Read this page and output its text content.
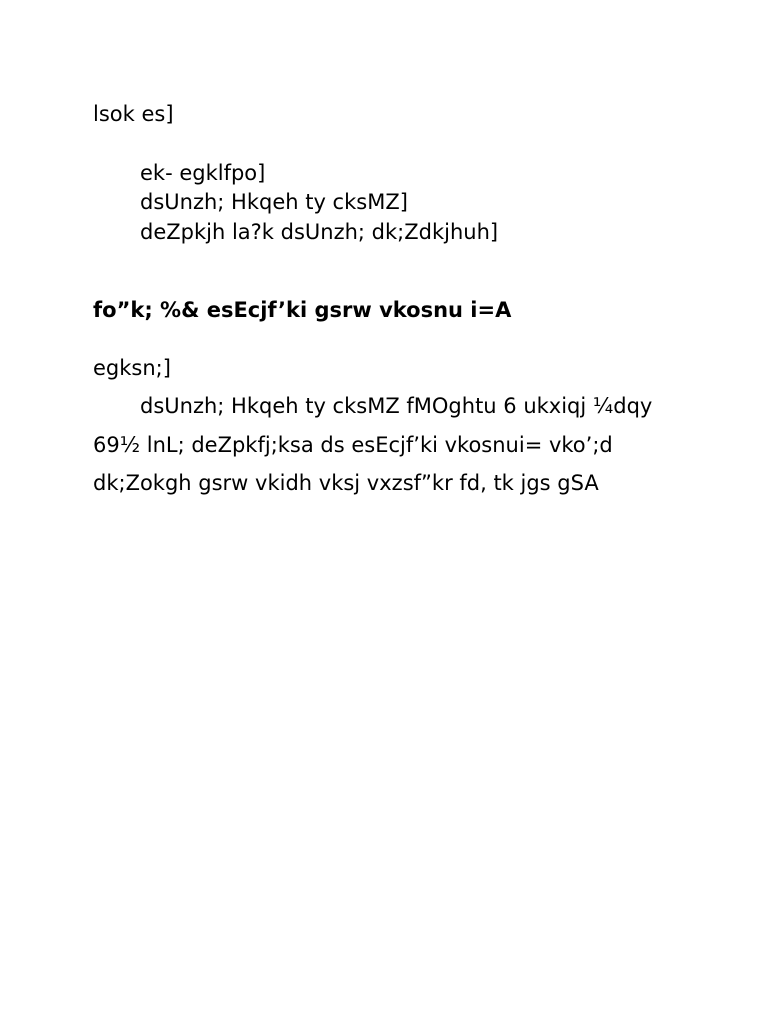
lsok es]
ek- egklfpo]
dsUnzh; Hkqeh ty cksMZ]
deZpkjh la?k dsUnzh; dk;Zdkjhuh]
fo”k; %& esEcjf’ki gsrw vkosnu i=A
egksn;]
dsUnzh; Hkqeh ty cksMZ fMOghtu 6 ukxiqj ¼dqy
69½ lnL; deZpkfj;ksa ds esEcjf’ki vkosnui= vko’;d
dk;Zokgh gsrw vkidh vksj vxzsf”kr fd, tk jgs gSA
